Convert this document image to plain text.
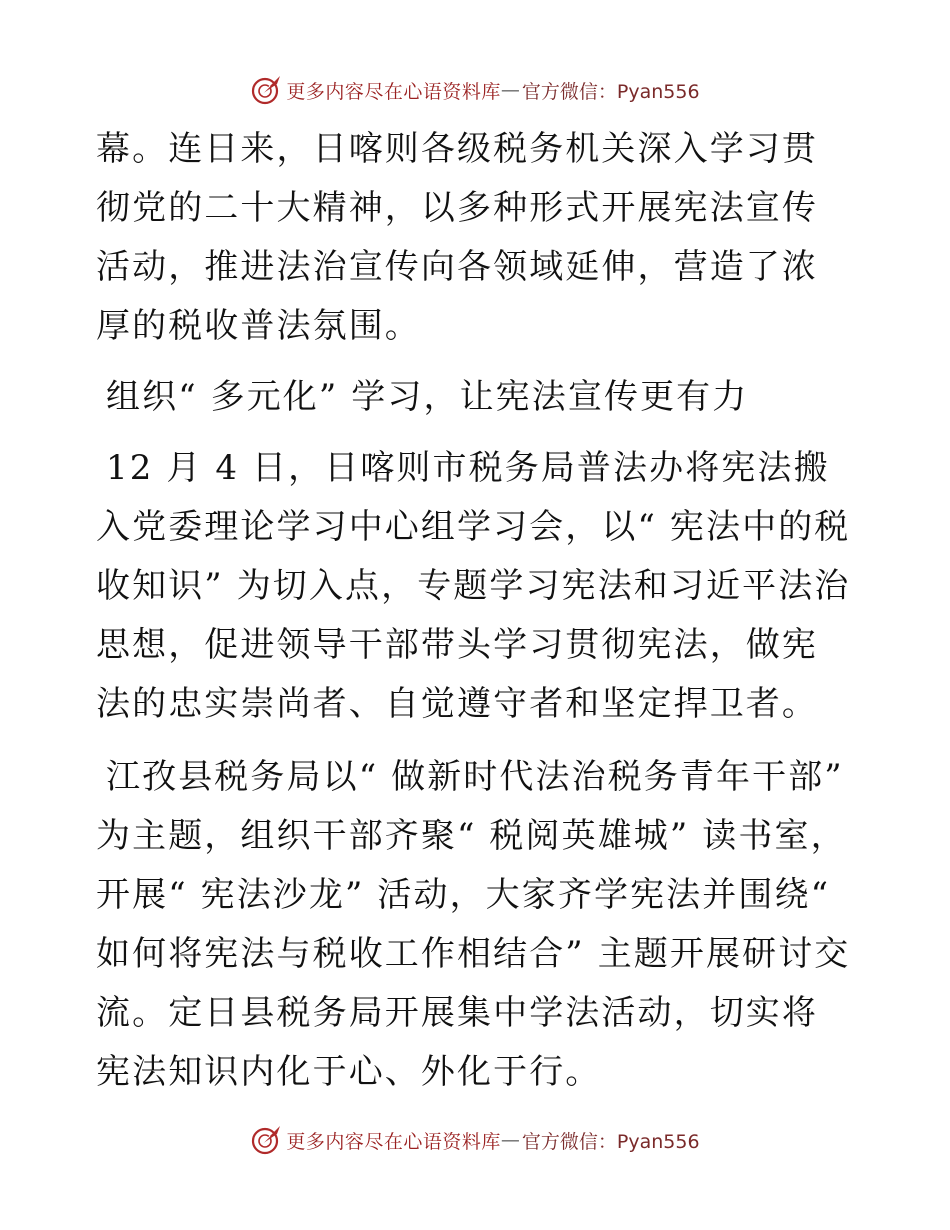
更多内容尽在心语资料库 — 官方微信：Pyan556

幕。连日来，日喀则各级税务机关深入学习贯彻党的二十大精神，以多种形式开展宪法宣传活动，推进法治宣传向各领域延伸，营造了浓厚的税收普法氛围。

组织“ 多元化” 学习，让宪法宣传更有力

12 月 4 日，日喀则市税务局普法办将宪法搬入党委理论学习中心组学习会，以“ 宪法中的税收知识” 为切入点，专题学习宪法和习近平法治思想，促进领导干部带头学习贯彻宪法，做宪法的忠实崇尚者、自觉遵守者和坚定捍卫者。

江孜县税务局以“ 做新时代法治税务青年干部” 为主题，组织干部齐聚“ 税阅英雄城” 读书室，开展“ 宪法沙龙” 活动，大家齐学宪法并围绕“ 如何将宪法与税收工作相结合” 主题开展研讨交流。定日县税务局开展集中学法活动，切实将宪法知识内化于心、外化于行。

更多内容尽在心语资料库 — 官方微信：Pyan556
